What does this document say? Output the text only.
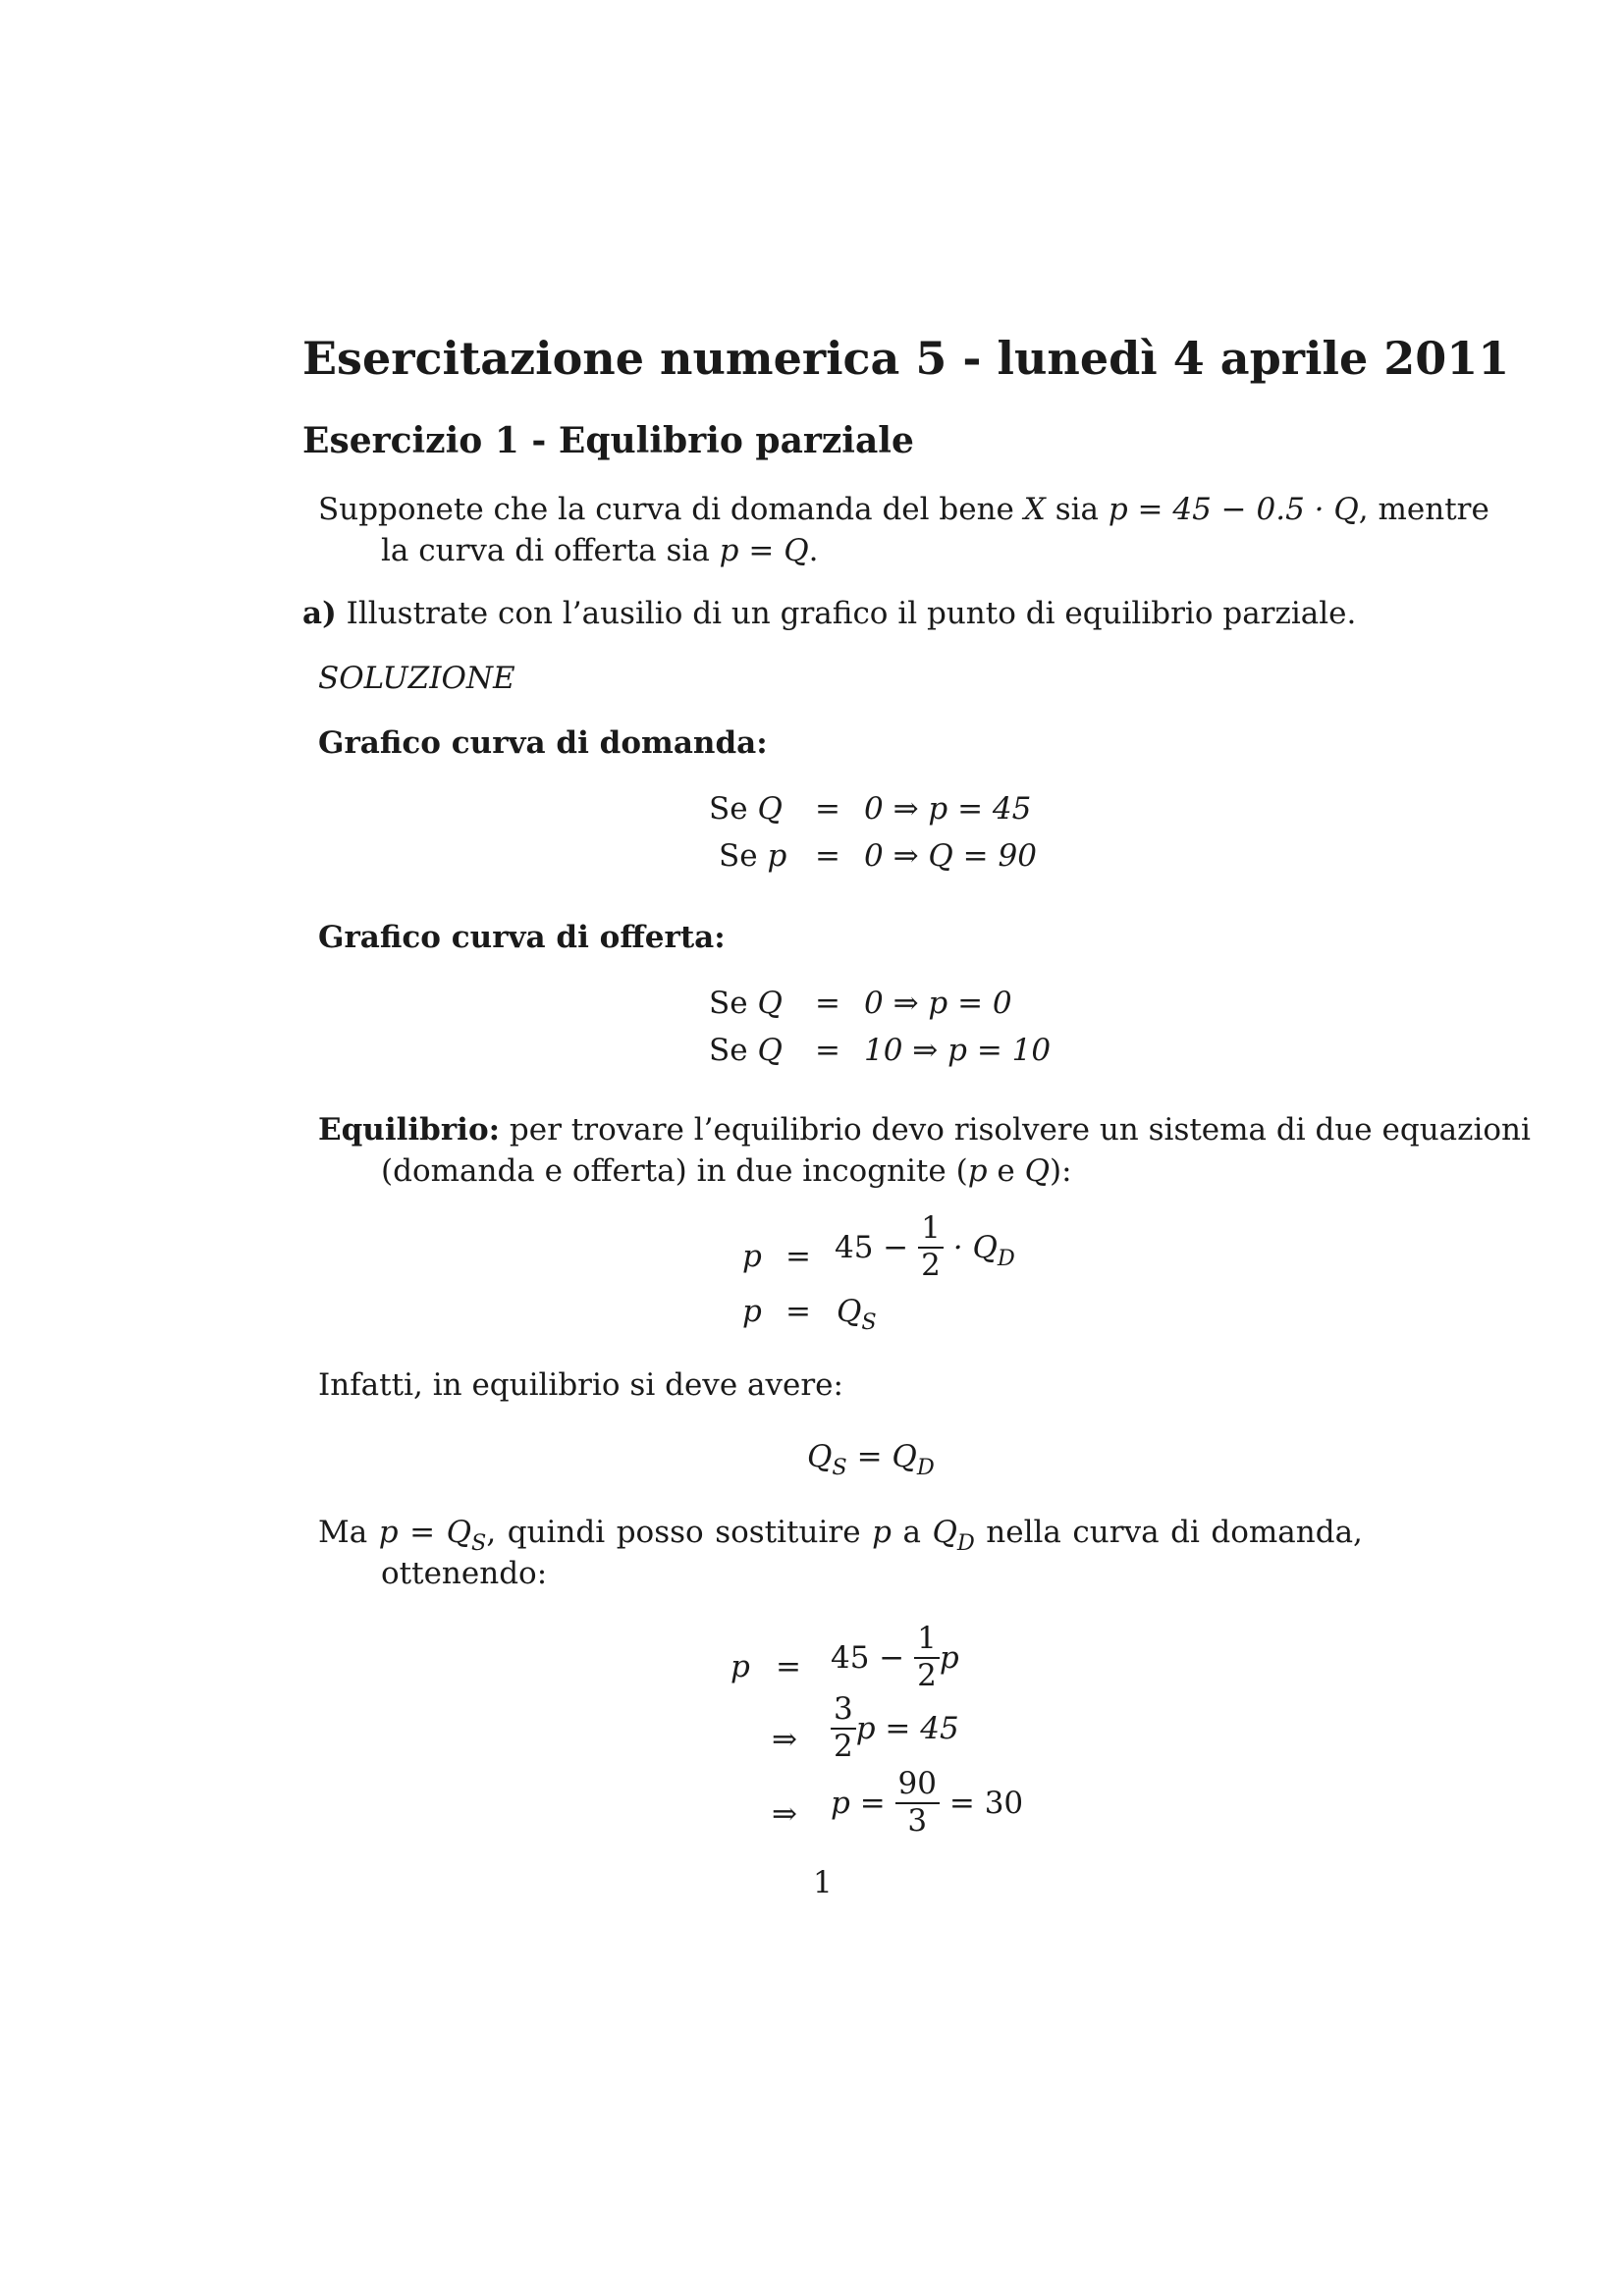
Esercitazione numerica 5 - lunedì 4 aprile 2011
Esercizio 1 - Equlibrio parziale
Supponete che la curva di domanda del bene X sia p = 45 − 0.5 · Q, mentre
la curva di offerta sia p = Q.
a) Illustrate con l’ausilio di un grafico il punto di equilibrio parziale.
SOLUZIONE
Grafico curva di domanda:
Se Q = 0 ⇒ p = 45
Se p = 0 ⇒ Q = 90
Grafico curva di offerta:
Se Q = 0 ⇒ p = 0
Se Q = 10 ⇒ p = 10
Equilibrio: per trovare l’equilibrio devo risolvere un sistema di due equazioni
(domanda e offerta) in due incognite (p e Q):
$p = 45 - \frac{1}{2} \cdot Q_D$
$p = Q_S$
Infatti, in equilibrio si deve avere:
$Q_S = Q_D$
Ma $p = Q_S$, quindi posso sostituire p a $Q_D$ nella curva di domanda,
ottenendo:
$p = 45 - \frac{1}{2}$ p
⇒ $\frac{3}{2}$ p = 45
⇒ $p = \frac{90}{3} = 30$
1
